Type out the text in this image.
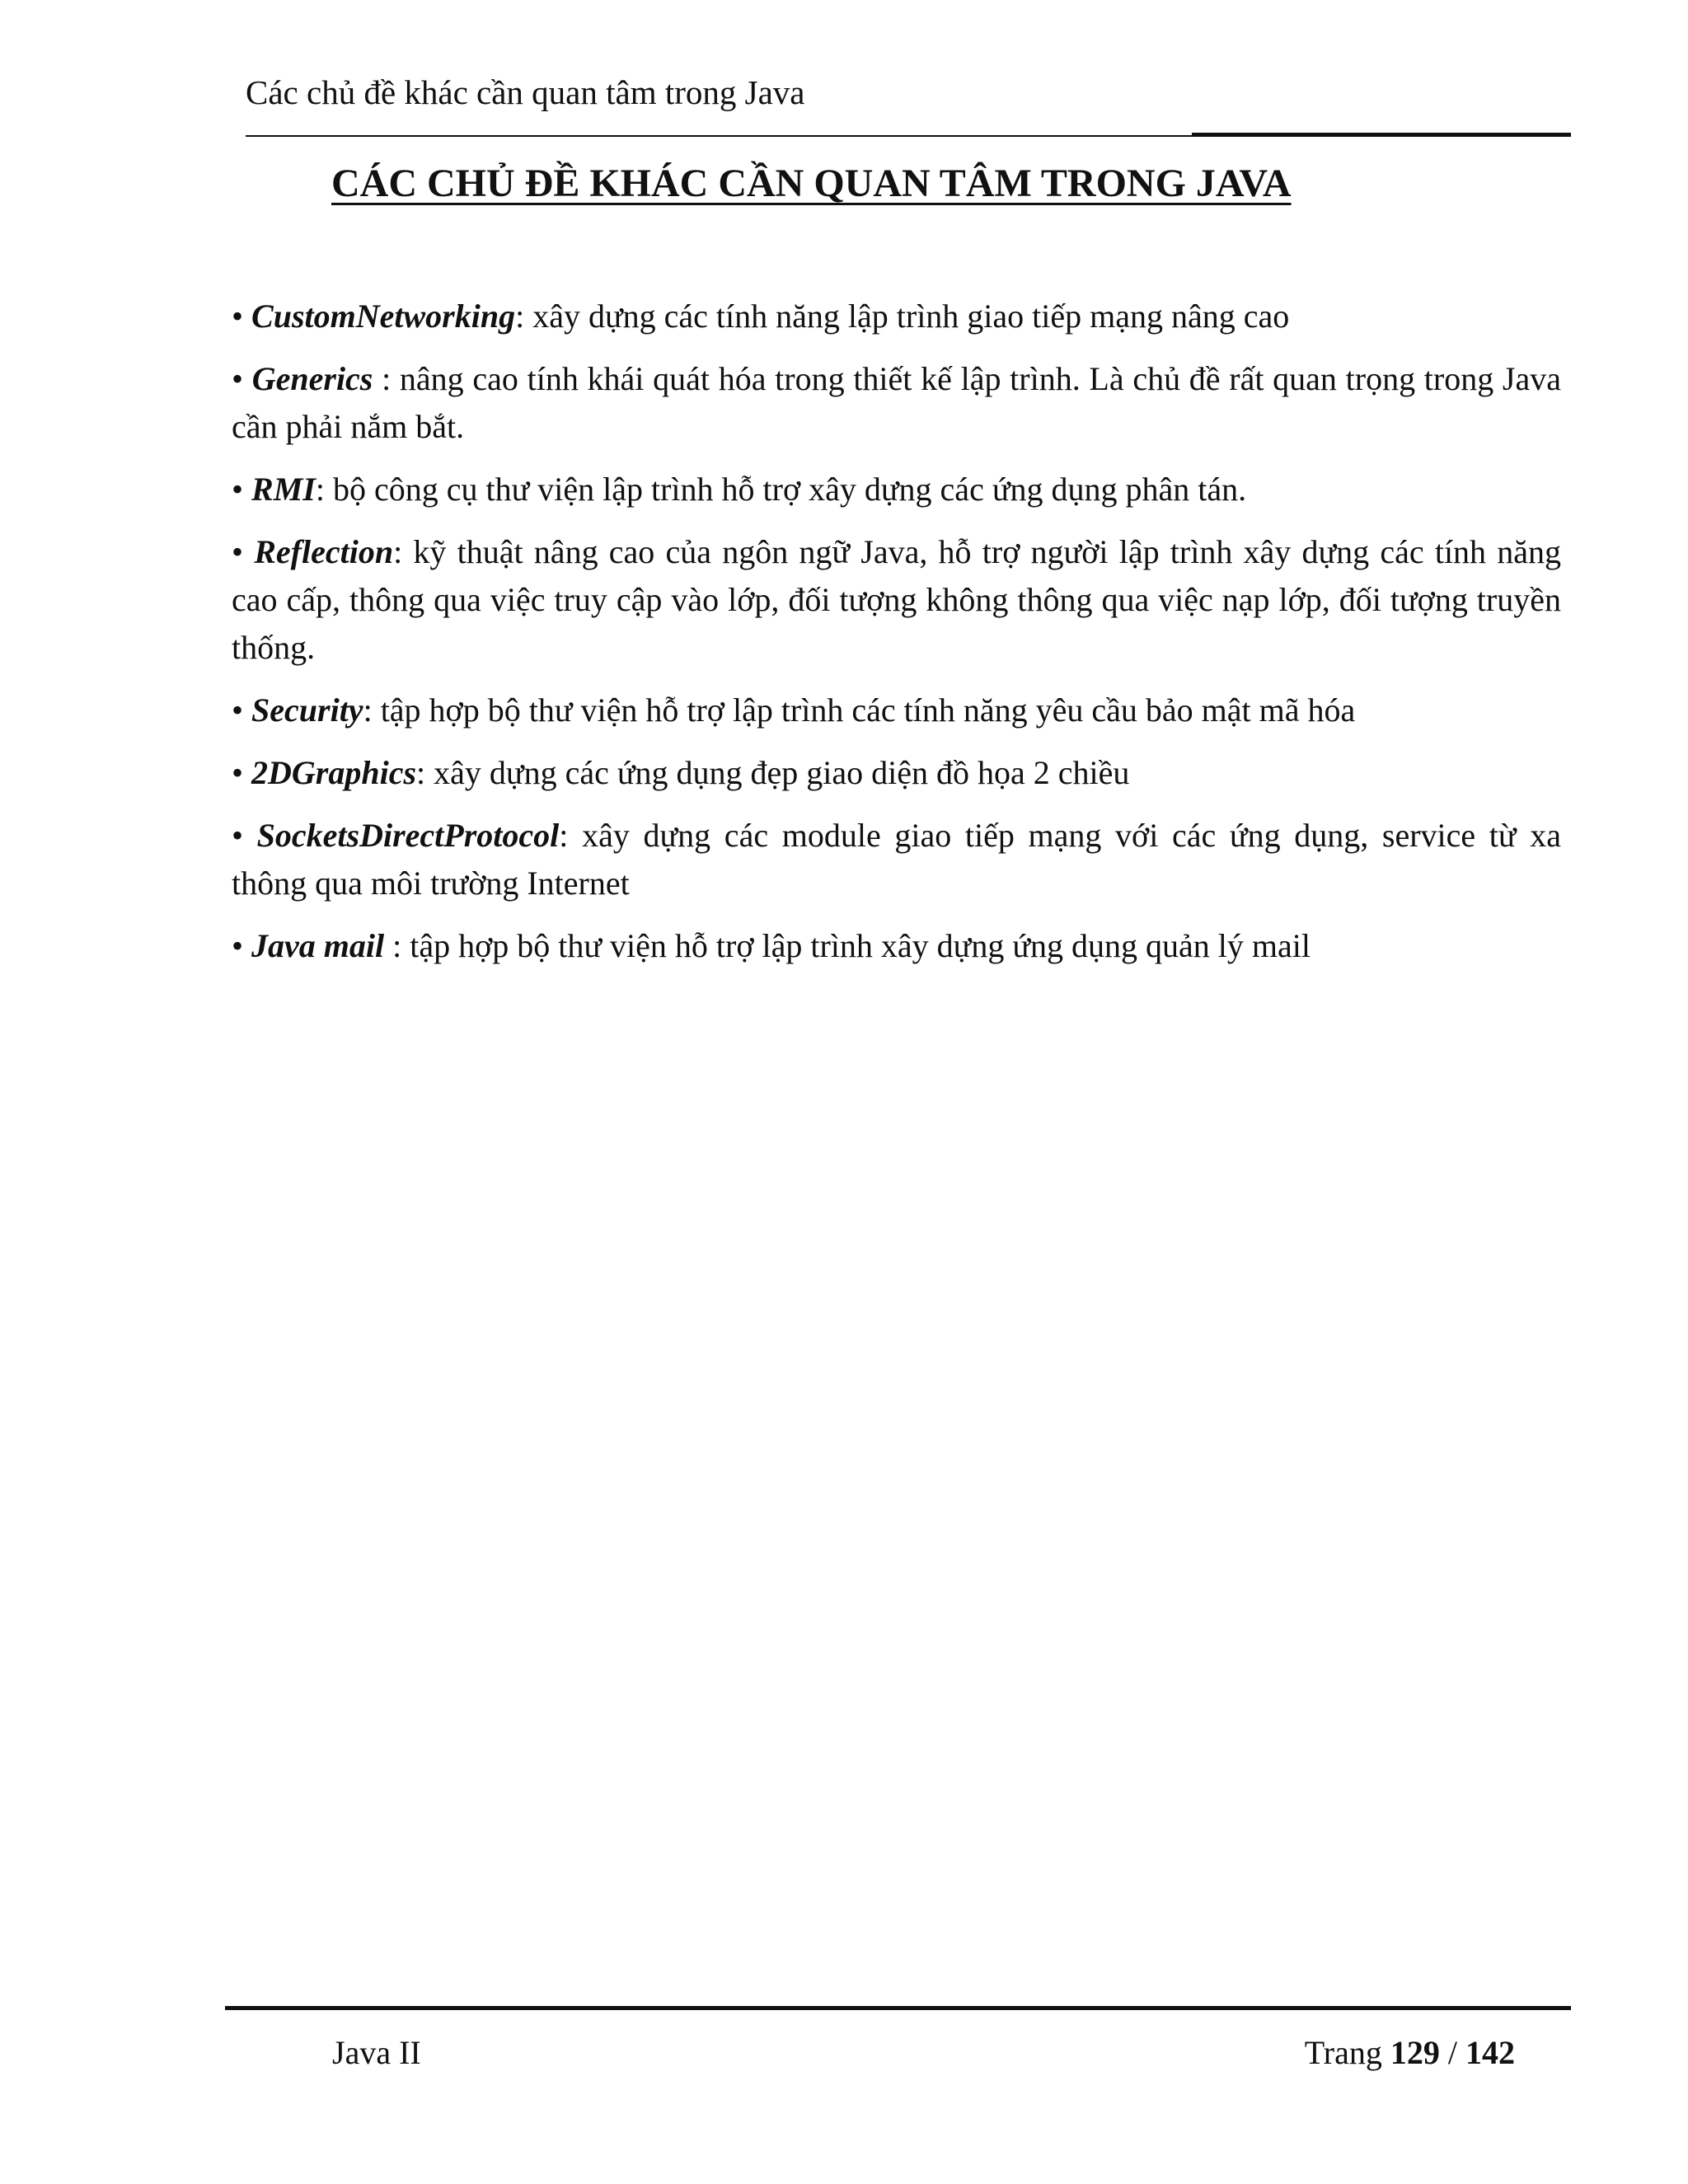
Các chủ đề khác cần quan tâm trong Java
CÁC CHỦ ĐỀ KHÁC CẦN QUAN TÂM TRONG JAVA
• CustomNetworking: xây dựng các tính năng lập trình giao tiếp mạng nâng cao
• Generics : nâng cao tính khái quát hóa trong thiết kế lập trình. Là chủ đề rất quan trọng trong Java cần phải nắm bắt.
• RMI: bộ công cụ thư viện lập trình hỗ trợ xây dựng các ứng dụng phân tán.
• Reflection: kỹ thuật nâng cao của ngôn ngữ Java, hỗ trợ người lập trình xây dựng các tính năng cao cấp, thông qua việc truy cập vào lớp, đối tượng không thông qua việc nạp lớp, đối tượng truyền thống.
• Security: tập hợp bộ thư viện hỗ trợ lập trình các tính năng yêu cầu bảo mật mã hóa
• 2DGraphics: xây dựng các ứng dụng đẹp giao diện đồ họa 2 chiều
• SocketsDirectProtocol: xây dựng các module giao tiếp mạng với các ứng dụng, service từ xa thông qua môi trường Internet
• Java mail : tập hợp bộ thư viện hỗ trợ lập trình xây dựng ứng dụng quản lý mail
Java II	Trang 129 / 142
